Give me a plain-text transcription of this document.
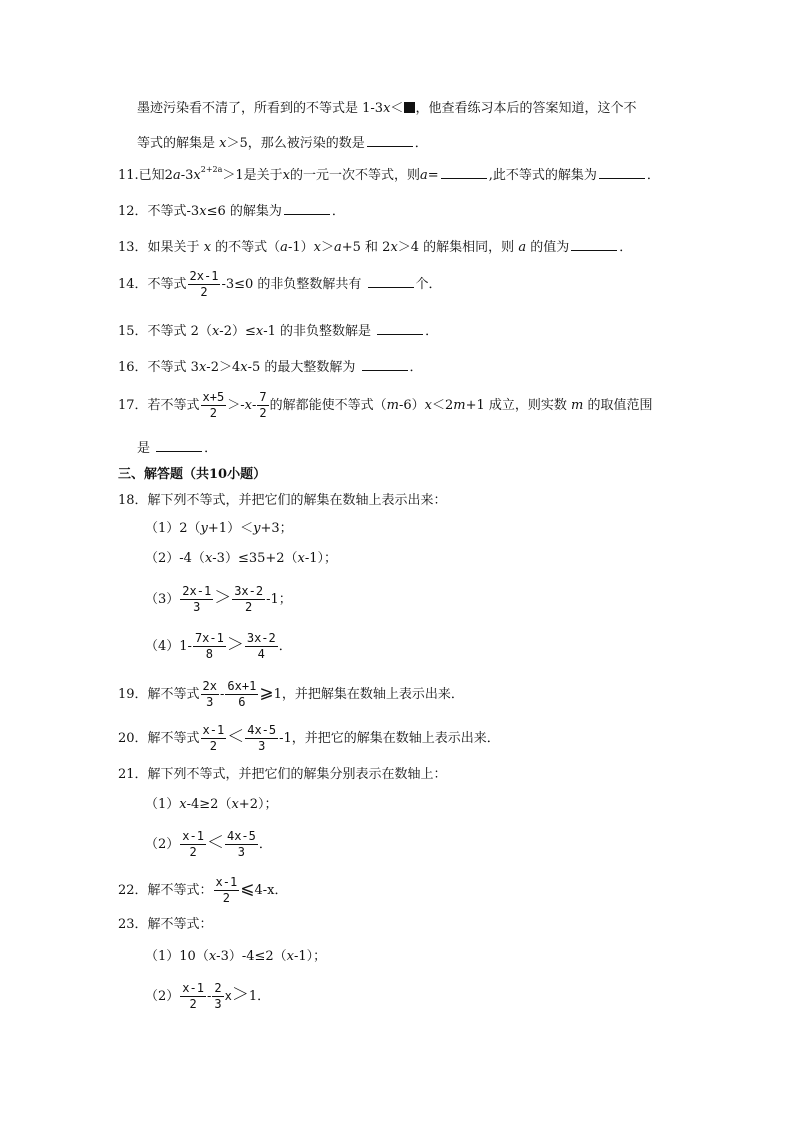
墨迹污染看不清了，所看到的不等式是 1-3x＜ ，他查看练习本后的答案知道，这个不
等式的解集是 x＞5，那么被污染的数是	．
11.已知$2a-3x^{2+2a}>1$是关于x的一元一次不等式，则a=	,此不等式的解集为	．
12．不等式-3x≤6 的解集为	．
13．如果关于 x 的不等式（a-1）x＞a+5 和 2x＞4 的解集相同，则 a 的值为	．
14．不等式 $\frac{2x-1}{2} -3\le 0$ 的非负整数解共有	个．
15．不等式 2（x-2）≤x-1 的非负整数解是	．
16．不等式 3x-2＞4x-5 的最大整数解为	．
17．若不等式 $\frac{x+5}{2} >-x- \frac{7}{2}$ 的解都能使不等式（m-6）x＜2m+1 成立，则实数 m 的取值范围
是	．
三、解答题（共10小题）
18．解下列不等式，并把它们的解集在数轴上表示出来：
（1）2（y+1）＜y+3；
（2）-4（x-3）≤35+2（x-1）；
$(3) \frac{2x-1}{3} > \frac{3x-2}{2} -1$；
$(4)1- \frac{7x-1}{8} > \frac{3x-2}{4}$ ．
19．解不等式 $\frac{2x}{3} - \frac{6x+1}{6}$ ⩾1，并把解集在数轴上表示出来．
20．解不等式 $\frac{x-1}{2} < \frac{4x-5}{3} -1$，并把它的解集在数轴上表示出来．
21．解下列不等式，并把它们的解集分别表示在数轴上：
（1）x-4≥2（x+2）；
$(2) \frac{x-1}{2} < \frac{4x-5}{3}$ ．
22．解不等式： $\frac{x-1}{2}$ ⩽4-x．
23．解不等式：
（1）10（x-3）-4≤2（x-1）；
$(2) \frac{x-1}{2} - \frac{2}{3} x>1$．
